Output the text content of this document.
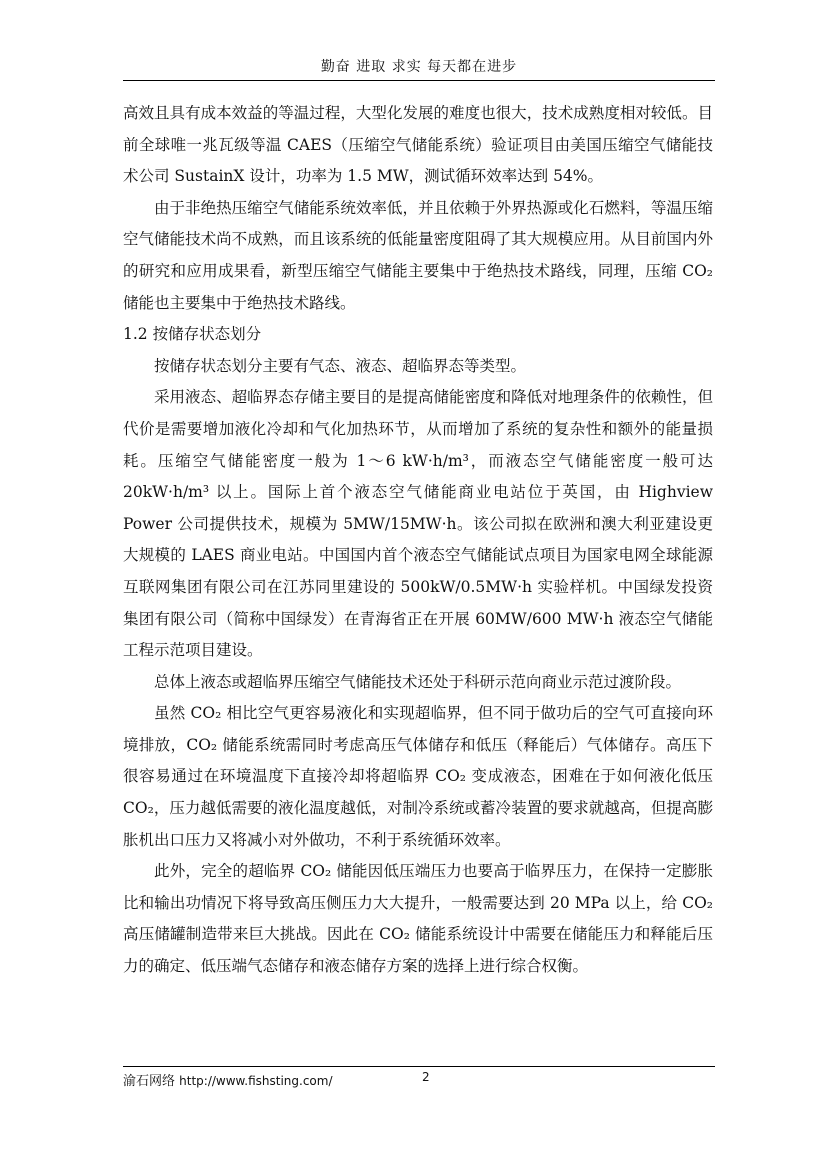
勤奋 进取 求实 每天都在进步

高效且具有成本效益的等温过程，大型化发展的难度也很大，技术成熟度相对较低。目前全球唯一兆瓦级等温 CAES（压缩空气储能系统）验证项目由美国压缩空气储能技术公司 SustainX 设计，功率为 1.5 MW，测试循环效率达到 54%。

由于非绝热压缩空气储能系统效率低，并且依赖于外界热源或化石燃料，等温压缩空气储能技术尚不成熟，而且该系统的低能量密度阻碍了其大规模应用。从目前国内外的研究和应用成果看，新型压缩空气储能主要集中于绝热技术路线，同理，压缩 CO₂ 储能也主要集中于绝热技术路线。

1.2 按储存状态划分

按储存状态划分主要有气态、液态、超临界态等类型。

采用液态、超临界态存储主要目的是提高储能密度和降低对地理条件的依赖性，但代价是需要增加液化冷却和气化加热环节，从而增加了系统的复杂性和额外的能量损耗。压缩空气储能密度一般为 1～6 kW·h/m³，而液态空气储能密度一般可达 20kW·h/m³ 以上。国际上首个液态空气储能商业电站位于英国，由 Highview Power 公司提供技术，规模为 5MW/15MW·h。该公司拟在欧洲和澳大利亚建设更大规模的 LAES 商业电站。中国国内首个液态空气储能试点项目为国家电网全球能源互联网集团有限公司在江苏同里建设的 500kW/0.5MW·h 实验样机。中国绿发投资集团有限公司（简称中国绿发）在青海省正在开展 60MW/600 MW·h 液态空气储能工程示范项目建设。

总体上液态或超临界压缩空气储能技术还处于科研示范向商业示范过渡阶段。

虽然 CO₂ 相比空气更容易液化和实现超临界，但不同于做功后的空气可直接向环境排放，CO₂ 储能系统需同时考虑高压气体储存和低压（释能后）气体储存。高压下很容易通过在环境温度下直接冷却将超临界 CO₂ 变成液态，困难在于如何液化低压 CO₂，压力越低需要的液化温度越低，对制冷系统或蓄冷装置的要求就越高，但提高膨胀机出口压力又将减小对外做功，不利于系统循环效率。

此外，完全的超临界 CO₂ 储能因低压端压力也要高于临界压力，在保持一定膨胀比和输出功情况下将导致高压侧压力大大提升，一般需要达到 20 MPa 以上，给 CO₂ 高压储罐制造带来巨大挑战。因此在 CO₂ 储能系统设计中需要在储能压力和释能后压力的确定、低压端气态储存和液态储存方案的选择上进行综合权衡。

渝石网络 http://www.fishsting.com/	2
